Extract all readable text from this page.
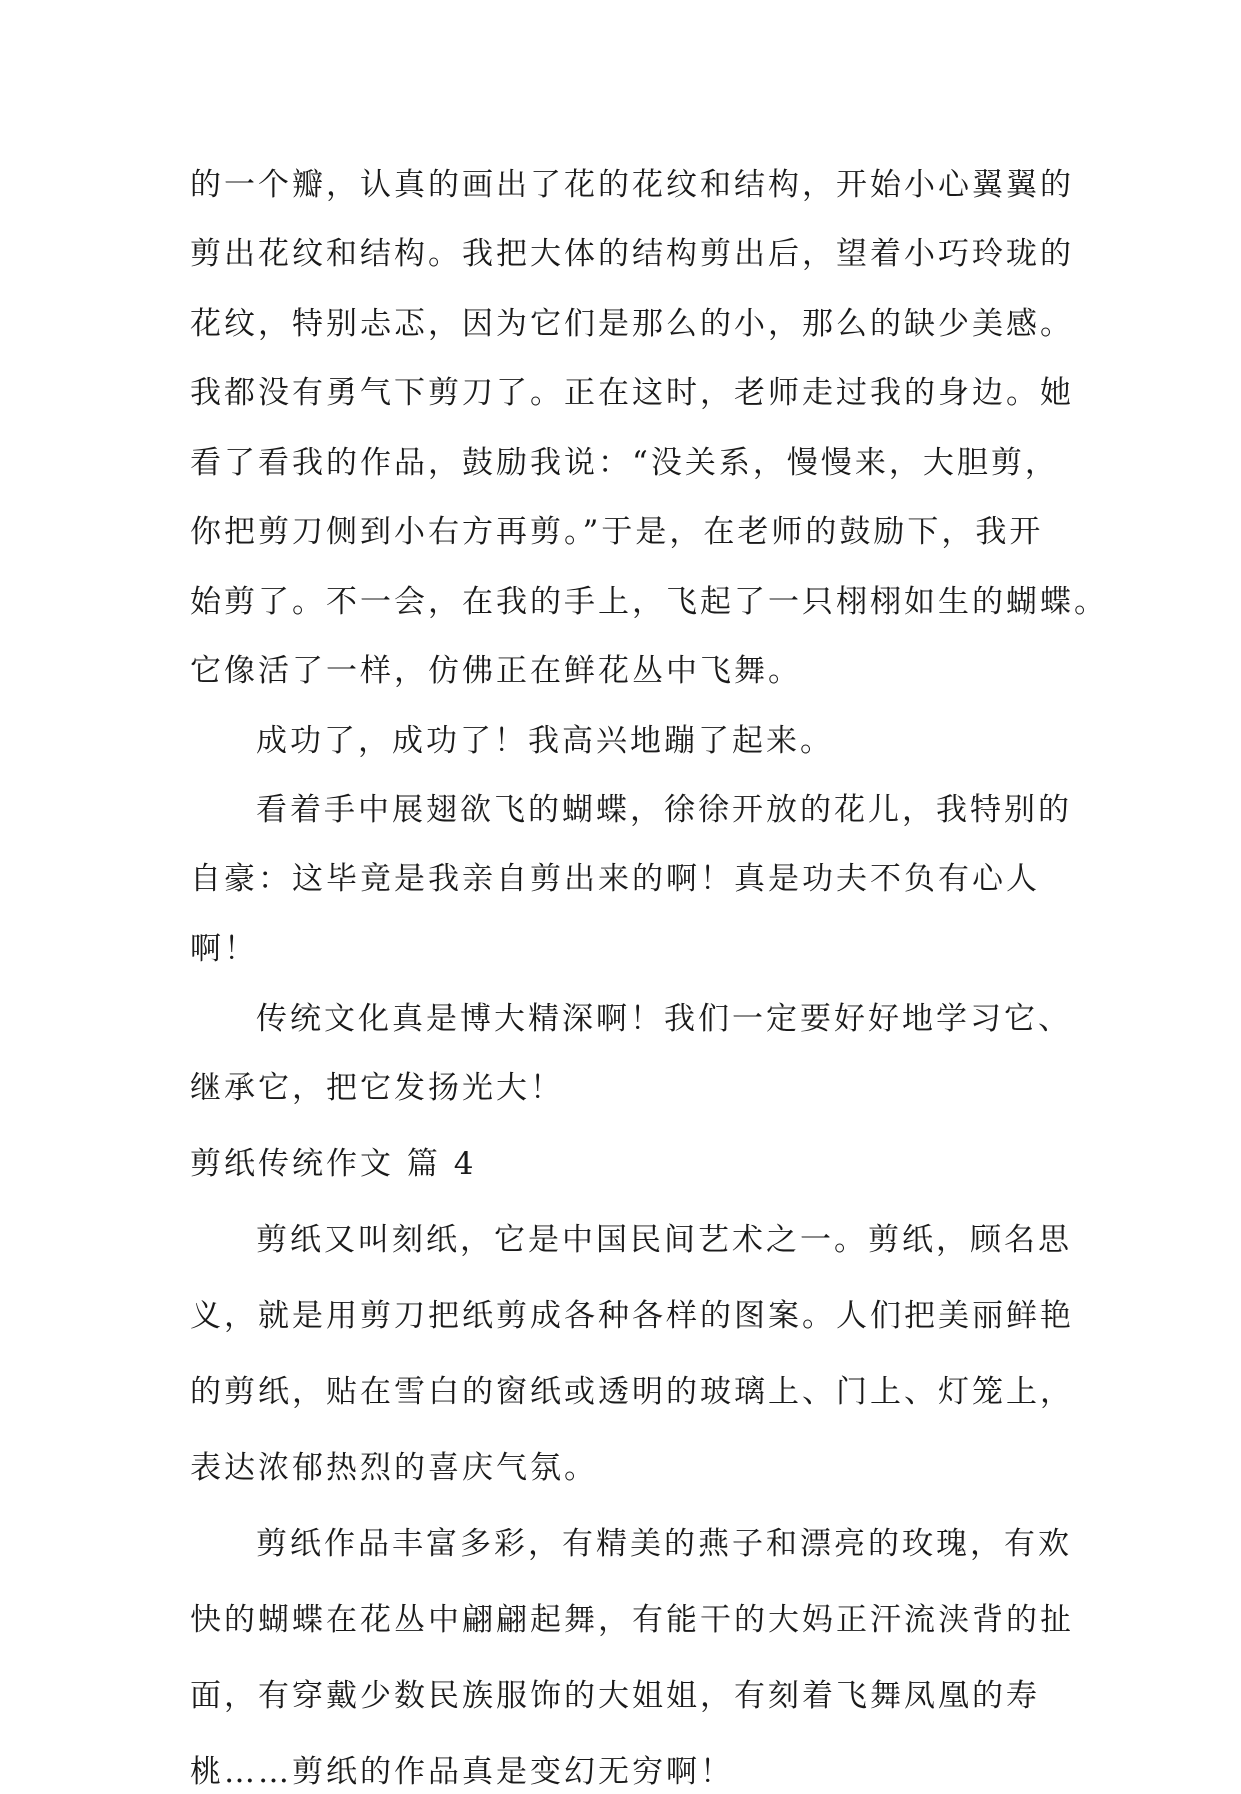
的一个瓣，认真的画出了花的花纹和结构，开始小心翼翼的
剪出花纹和结构。我把大体的结构剪出后，望着小巧玲珑的
花纹，特别忐忑，因为它们是那么的小，那么的缺少美感。
我都没有勇气下剪刀了。正在这时，老师走过我的身边。她
看了看我的作品，鼓励我说：“没关系，慢慢来，大胆剪，
你把剪刀侧到小右方再剪。”于是，在老师的鼓励下，我开
始剪了。不一会，在我的手上，飞起了一只栩栩如生的蝴蝶。
它像活了一样，仿佛正在鲜花丛中飞舞。
成功了，成功了！我高兴地蹦了起来。
看着手中展翅欲飞的蝴蝶，徐徐开放的花儿，我特别的
自豪：这毕竟是我亲自剪出来的啊！真是功夫不负有心人
啊！
传统文化真是博大精深啊！我们一定要好好地学习它、
继承它，把它发扬光大！
剪纸传统作文 篇 4
剪纸又叫刻纸，它是中国民间艺术之一。剪纸，顾名思
义，就是用剪刀把纸剪成各种各样的图案。人们把美丽鲜艳
的剪纸，贴在雪白的窗纸或透明的玻璃上、门上、灯笼上，
表达浓郁热烈的喜庆气氛。
剪纸作品丰富多彩，有精美的燕子和漂亮的玫瑰，有欢
快的蝴蝶在花丛中翩翩起舞，有能干的大妈正汗流浃背的扯
面，有穿戴少数民族服饰的大姐姐，有刻着飞舞凤凰的寿
桃……剪纸的作品真是变幻无穷啊！
